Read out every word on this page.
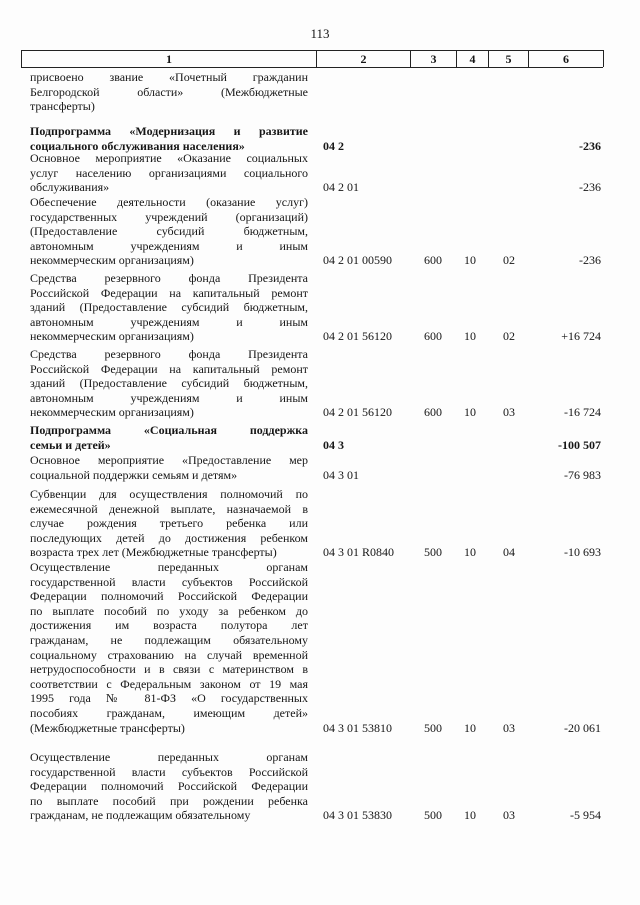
113
1	2	3	4	5	6
присвоено звание «Почетный гражданин
Белгородской области» (Межбюджетные
трансферты)
Подпрограмма «Модернизация и развитие
социального обслуживания населения»	04 2	-236
Основное мероприятие «Оказание социальных
услуг населению организациями социального
обслуживания»	04 2 01	-236
Обеспечение деятельности (оказание услуг)
государственных учреждений (организаций)
(Предоставление субсидий бюджетным,
автономным учреждениям и иным
некоммерческим организациям)	04 2 01 00590	600	10	02	-236
Средства резервного фонда Президента
Российской Федерации на капитальный ремонт
зданий (Предоставление субсидий бюджетным,
автономным учреждениям и иным
некоммерческим организациям)	04 2 01 56120	600	10	02	+16 724
Средства резервного фонда Президента
Российской Федерации на капитальный ремонт
зданий (Предоставление субсидий бюджетным,
автономным учреждениям и иным
некоммерческим организациям)	04 2 01 56120	600	10	03	-16 724
Подпрограмма «Социальная поддержка
семьи и детей»	04 3	-100 507
Основное мероприятие «Предоставление мер
социальной поддержки семьям и детям»	04 3 01	-76 983
Субвенции для осуществления полномочий по
ежемесячной денежной выплате, назначаемой в
случае рождения третьего ребенка или
последующих детей до достижения ребенком
возраста трех лет (Межбюджетные трансферты)	04 3 01 R0840	500	10	04	-10 693
Осуществление переданных органам
государственной власти субъектов Российской
Федерации полномочий Российской Федерации
по выплате пособий по уходу за ребенком до
достижения им возраста полутора лет
гражданам, не подлежащим обязательному
социальному страхованию на случай временной
нетрудоспособности и в связи с материнством в
соответствии с Федеральным законом от 19 мая
1995 года № 81-ФЗ «О государственных
пособиях гражданам, имеющим детей»
(Межбюджетные трансферты)	04 3 01 53810	500	10	03	-20 061
Осуществление переданных органам
государственной власти субъектов Российской
Федерации полномочий Российской Федерации
по выплате пособий при рождении ребенка
гражданам, не подлежащим обязательному	04 3 01 53830	500	10	03	-5 954
